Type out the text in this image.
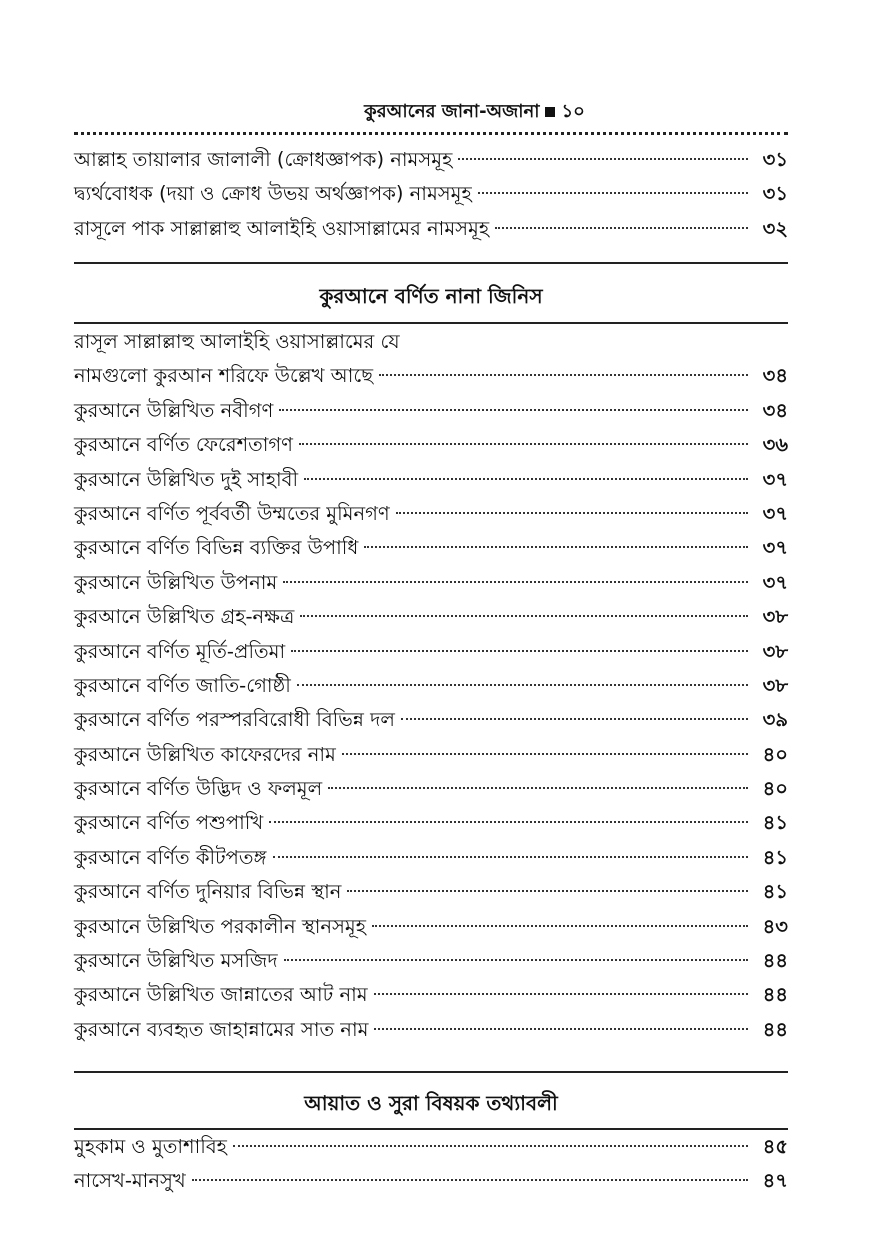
কুরআনের জানা-অজানা ১০
আল্লাহ তায়ালার জালালী (ক্রোধজ্ঞাপক) নামসমূহ	৩১
দ্ব্যর্থবোধক (দয়া ও ক্রোধ উভয় অর্থজ্ঞাপক) নামসমূহ	৩১
রাসূলে পাক সাল্লাল্লাহু আলাইহি ওয়াসাল্লামের নামসমূহ	৩২
কুরআনে বর্ণিত নানা জিনিস
রাসূল সাল্লাল্লাহু আলাইহি ওয়াসাল্লামের যে
নামগুলো কুরআন শরিফে উল্লেখ আছে	৩৪
কুরআনে উল্লিখিত নবীগণ	৩৪
কুরআনে বর্ণিত ফেরেশতাগণ	৩৬
কুরআনে উল্লিখিত দুই সাহাবী	৩৭
কুরআনে বর্ণিত পূর্ববর্তী উম্মতের মুমিনগণ	৩৭
কুরআনে বর্ণিত বিভিন্ন ব্যক্তির উপাধি	৩৭
কুরআনে উল্লিখিত উপনাম	৩৭
কুরআনে উল্লিখিত গ্রহ-নক্ষত্র	৩৮
কুরআনে বর্ণিত মূর্তি-প্রতিমা	৩৮
কুরআনে বর্ণিত জাতি-গোষ্ঠী	৩৮
কুরআনে বর্ণিত পরস্পরবিরোধী বিভিন্ন দল	৩৯
কুরআনে উল্লিখিত কাফেরদের নাম	৪০
কুরআনে বর্ণিত উদ্ভিদ ও ফলমূল	৪০
কুরআনে বর্ণিত পশুপাখি	৪১
কুরআনে বর্ণিত কীটপতঙ্গ	৪১
কুরআনে বর্ণিত দুনিয়ার বিভিন্ন স্থান	৪১
কুরআনে উল্লিখিত পরকালীন স্থানসমূহ	৪৩
কুরআনে উল্লিখিত মসজিদ	৪৪
কুরআনে উল্লিখিত জান্নাতের আট নাম	৪৪
কুরআনে ব্যবহৃত জাহান্নামের সাত নাম	৪৪
আয়াত ও সুরা বিষয়ক তথ্যাবলী
মুহকাম ও মুতাশাবিহ	৪৫
নাসেখ-মানসুখ	৪৭
